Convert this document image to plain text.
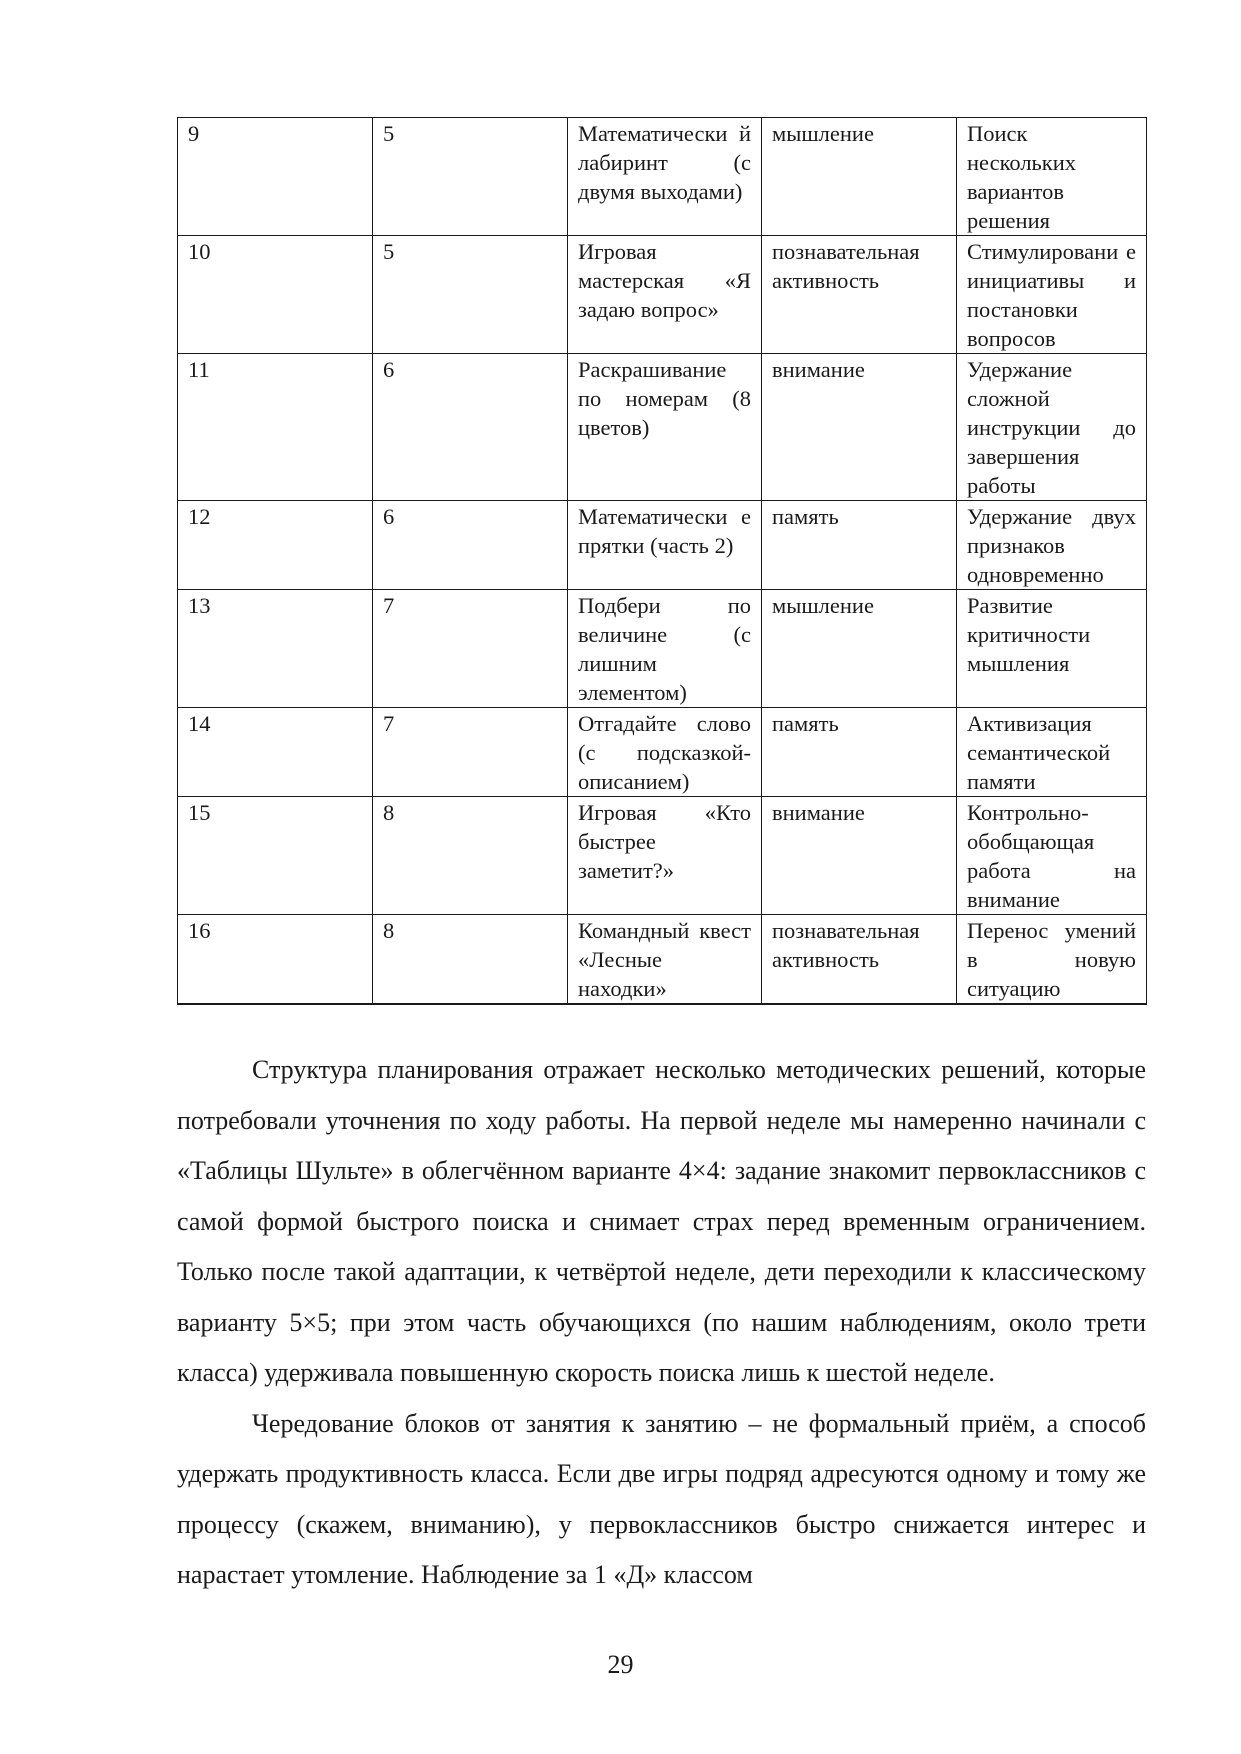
9	5	Математически й лабиринт (с двумя выходами)	мышление	Поиск нескольких вариантов решения
10	5	Игровая мастерская «Я задаю вопрос»	познавательная активность	Стимулировани е инициативы и постановки вопросов
11	6	Раскрашивание по номерам (8 цветов)	внимание	Удержание сложной инструкции до завершения работы
12	6	Математически е прятки (часть 2)	память	Удержание двух признаков одновременно
13	7	Подбери по величине (с лишним элементом)	мышление	Развитие критичности мышления
14	7	Отгадайте слово (с подсказкой-описанием)	память	Активизация семантической памяти
15	8	Игровая «Кто быстрее заметит?»	внимание	Контрольно-обобщающая работа на внимание
16	8	Командный квест «Лесные находки»	познавательная активность	Перенос умений в новую ситуацию

Структура планирования отражает несколько методических решений, которые потребовали уточнения по ходу работы. На первой неделе мы намеренно начинали с «Таблицы Шульте» в облегчённом варианте 4×4: задание знакомит первоклассников с самой формой быстрого поиска и снимает страх перед временным ограничением. Только после такой адаптации, к четвёртой неделе, дети переходили к классическому варианту 5×5; при этом часть обучающихся (по нашим наблюдениям, около трети класса) удерживала повышенную скорость поиска лишь к шестой неделе.

Чередование блоков от занятия к занятию – не формальный приём, а способ удержать продуктивность класса. Если две игры подряд адресуются одному и тому же процессу (скажем, вниманию), у первоклассников быстро снижается интерес и нарастает утомление. Наблюдение за 1 «Д» классом

29
